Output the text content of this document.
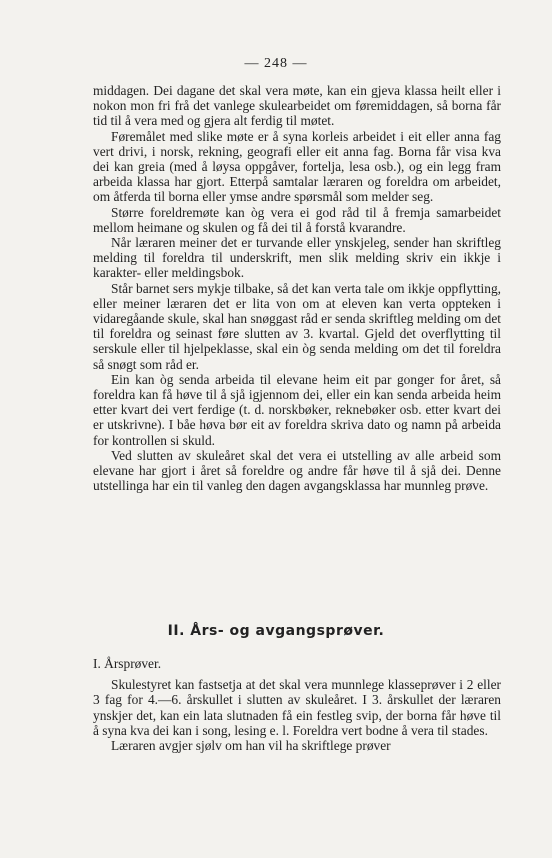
— 248 —

middagen. Dei dagane det skal vera møte, kan ein gjeva klassa heilt eller i nokon mon fri frå det vanlege skulearbeidet om føremiddagen, så borna får tid til å vera med og gjera alt ferdig til møtet.

Føremålet med slike møte er å syna korleis arbeidet i eit eller anna fag vert drivi, i norsk, rekning, geografi eller eit anna fag. Borna får visa kva dei kan greia (med å løysa oppgåver, fortelja, lesa osb.), og ein legg fram arbeida klassa har gjort. Etterpå samtalar læraren og foreldra om arbeidet, om åtferda til borna eller ymse andre spørsmål som melder seg.

Større foreldremøte kan òg vera ei god råd til å fremja samarbeidet mellom heimane og skulen og få dei til å forstå kvarandre.

Når læraren meiner det er turvande eller ynskjeleg, sender han skriftleg melding til foreldra til underskrift, men slik melding skriv ein ikkje i karakter- eller meldingsbok.

Står barnet sers mykje tilbake, så det kan verta tale om ikkje oppflytting, eller meiner læraren det er lita von om at eleven kan verta oppteken i vidaregåande skule, skal han snøggast råd er senda skriftleg melding om det til foreldra og seinast føre slutten av 3. kvartal. Gjeld det overflytting til serskule eller til hjelpeklasse, skal ein òg senda melding om det til foreldra så snøgt som råd er.

Ein kan òg senda arbeida til elevane heim eit par gonger for året, så foreldra kan få høve til å sjå igjennom dei, eller ein kan senda arbeida heim etter kvart dei vert ferdige (t. d. norskbøker, reknebøker osb. etter kvart dei er utskrivne). I båe høva bør eit av foreldra skriva dato og namn på arbeida for kontrollen si skuld.

Ved slutten av skuleåret skal det vera ei utstelling av alle arbeid som elevane har gjort i året så foreldre og andre får høve til å sjå dei. Denne utstellinga har ein til vanleg den dagen avgangsklassa har munnleg prøve.

II. Års- og avgangsprøver.

I. Årsprøver.

Skulestyret kan fastsetja at det skal vera munnlege klasseprøver i 2 eller 3 fag for 4.—6. årskullet i slutten av skuleåret. I 3. årskullet der læraren ynskjer det, kan ein lata slutnaden få ein festleg svip, der borna får høve til å syna kva dei kan i song, lesing e. l. Foreldra vert bodne å vera til stades.

Læraren avgjer sjølv om han vil ha skriftlege prøver
